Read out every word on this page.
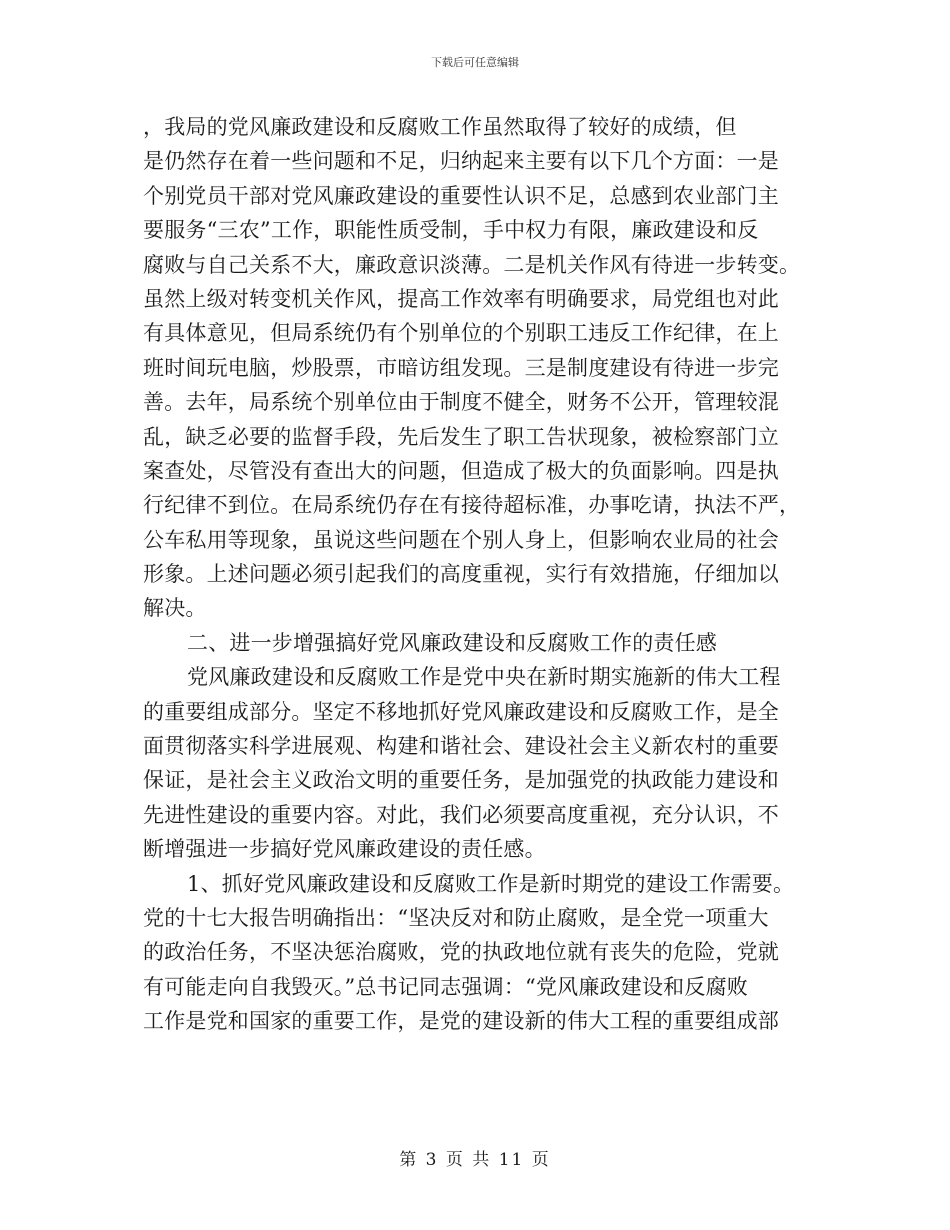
下载后可任意编辑
，我局的党风廉政建设和反腐败工作虽然取得了较好的成绩，但
是仍然存在着一些问题和不足，归纳起来主要有以下几个方面：一是
个别党员干部对党风廉政建设的重要性认识不足，总感到农业部门主
要服务“三农”工作，职能性质受制，手中权力有限，廉政建设和反
腐败与自己关系不大，廉政意识淡薄。二是机关作风有待进一步转变。
虽然上级对转变机关作风，提高工作效率有明确要求，局党组也对此
有具体意见，但局系统仍有个别单位的个别职工违反工作纪律，在上
班时间玩电脑，炒股票，市暗访组发现。三是制度建设有待进一步完
善。去年，局系统个别单位由于制度不健全，财务不公开，管理较混
乱，缺乏必要的监督手段，先后发生了职工告状现象，被检察部门立
案查处，尽管没有查出大的问题，但造成了极大的负面影响。四是执
行纪律不到位。在局系统仍存在有接待超标准，办事吃请，执法不严，
公车私用等现象，虽说这些问题在个别人身上，但影响农业局的社会
形象。上述问题必须引起我们的高度重视，实行有效措施，仔细加以
解决。
二、进一步增强搞好党风廉政建设和反腐败工作的责任感
党风廉政建设和反腐败工作是党中央在新时期实施新的伟大工程
的重要组成部分。坚定不移地抓好党风廉政建设和反腐败工作，是全
面贯彻落实科学进展观、构建和谐社会、建设社会主义新农村的重要
保证，是社会主义政治文明的重要任务，是加强党的执政能力建设和
先进性建设的重要内容。对此，我们必须要高度重视，充分认识，不
断增强进一步搞好党风廉政建设的责任感。
1、抓好党风廉政建设和反腐败工作是新时期党的建设工作需要。
党的十七大报告明确指出：“坚决反对和防止腐败，是全党一项重大
的政治任务，不坚决惩治腐败，党的执政地位就有丧失的危险，党就
有可能走向自我毁灭。”总书记同志强调：“党风廉政建设和反腐败
工作是党和国家的重要工作，是党的建设新的伟大工程的重要组成部
第 3 页 共 11 页
